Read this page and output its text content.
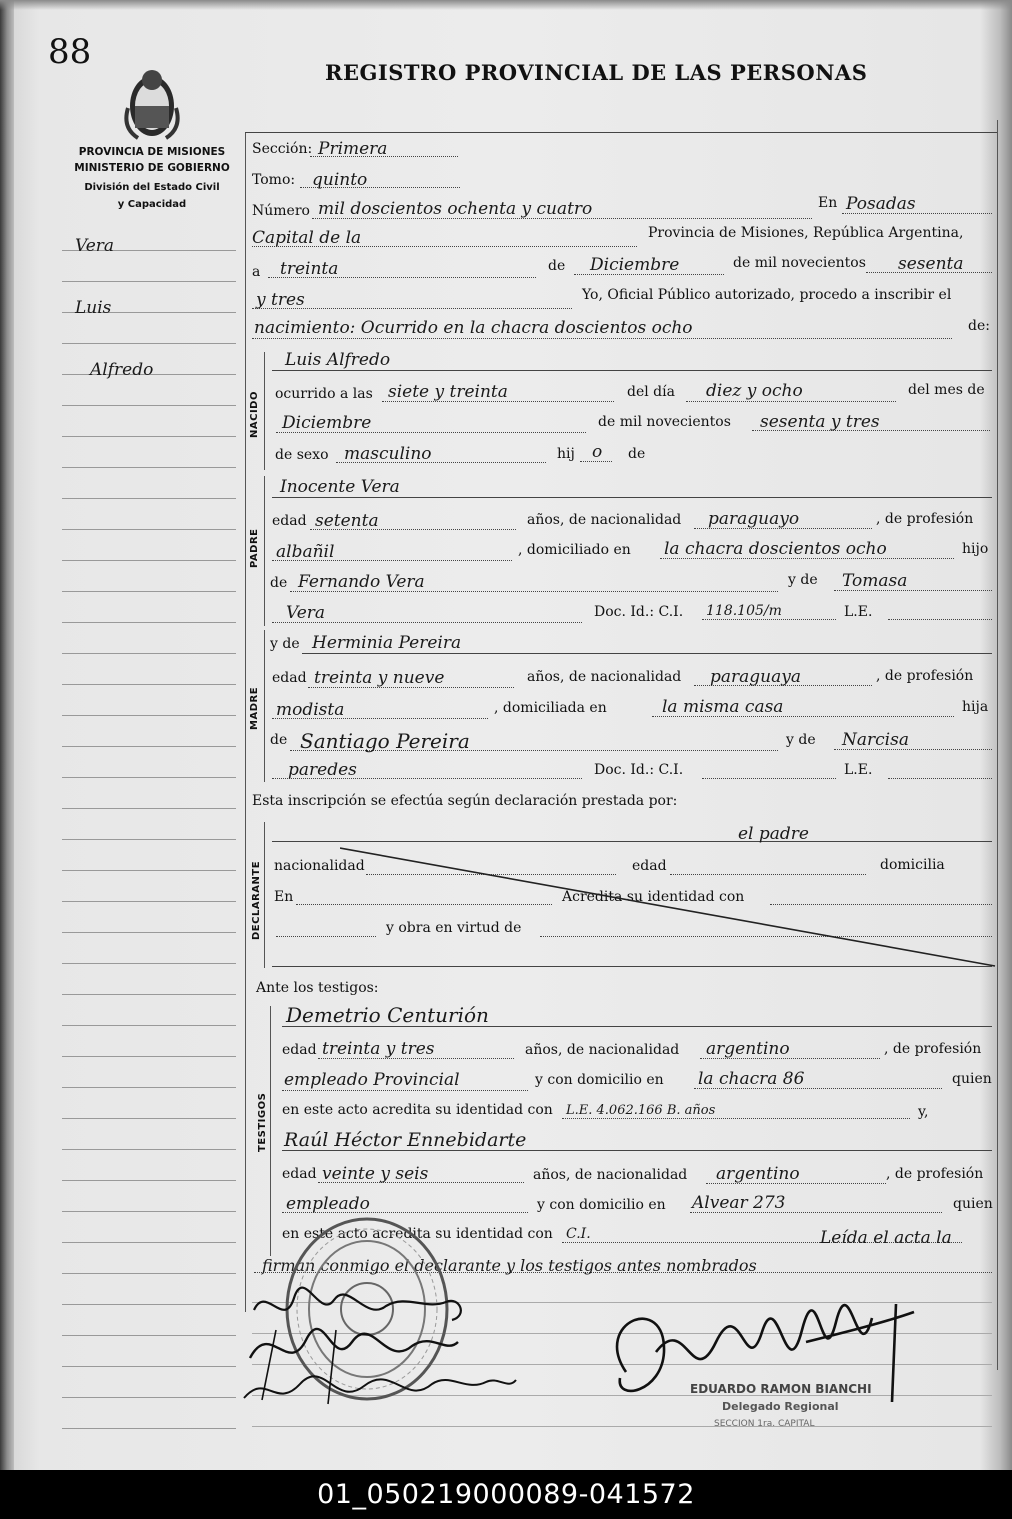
88
REGISTRO PROVINCIAL DE LAS PERSONAS
PROVINCIA DE MISIONES
MINISTERIO DE GOBIERNO
División del Estado Civil
y Capacidad
Vera
Luis
Alfredo
Sección: Primera
Tomo: quinto
Número mil doscientos ochenta y cuatro	En Posadas
Capital de la	Provincia de Misiones, República Argentina,
a treinta	de Diciembre	de mil novecientos sesenta
y tres	Yo, Oficial Público autorizado, procedo a inscribir el
nacimiento: Ocurrido en la chacra doscientos ocho	de:
NACIDO
Luis Alfredo
ocurrido a las siete y treinta	del día diez y ocho	del mes de
Diciembre	de mil novecientos sesenta y tres
de sexo masculino	hij o de
PADRE
Inocente Vera
edad setenta	años, de nacionalidad paraguayo	, de profesión
albañil	, domiciliado en la chacra doscientos ocho	hijo
de Fernando Vera	y de Tomasa
Vera	Doc. Id.: C.I. 118.105/m	L.E.
MADRE
y de Herminia Pereira
edad treinta y nueve	años, de nacionalidad paraguaya	, de profesión
modista	, domiciliada en	la misma casa	hija
de Santiago Pereira	y de Narcisa
paredes	Doc. Id.: C.I.	L.E.
Esta inscripción se efectúa según declaración prestada por:
DECLARANTE
el padre
nacionalidad	edad	domicilia
En	Acredita su identidad con
y obra en virtud de
Ante los testigos:
TESTIGOS
Demetrio Centurión
edad treinta y tres	años, de nacionalidad argentino	, de profesión
empleado Provincial	y con domicilio en la chacra 86	quien
en este acto acredita su identidad con L.E. 4.062.166 B. años	y,
Raúl Héctor Ennebidarte
edad veinte y seis	años, de nacionalidad argentino	, de profesión
empleado	y con domicilio en Alvear 273	quien
en este acto acredita su identidad con C.I.	Leída el acta la
firman conmigo el declarante y los testigos antes nombrados
EDUARDO RAMON BIANCHI
Delegado Regional
SECCION 1ra. CAPITAL
01_050219000089-041572
